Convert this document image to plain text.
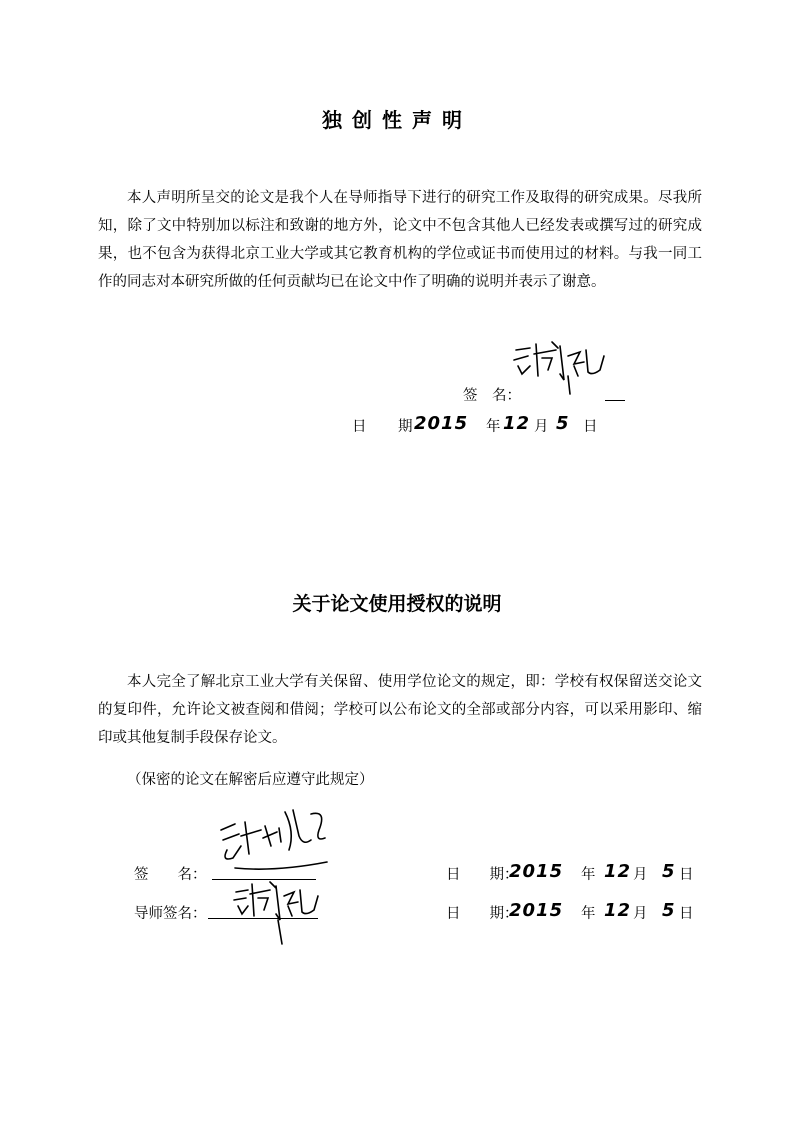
独创性声明

本人声明所呈交的论文是我个人在导师指导下进行的研究工作及取得的研究成果。尽我所知，除了文中特别加以标注和致谢的地方外，论文中不包含其他人已经发表或撰写过的研究成果，也不包含为获得北京工业大学或其它教育机构的学位或证书而使用过的材料。与我一同工作的同志对本研究所做的任何贡献均已在论文中作了明确的说明并表示了谢意。

签　名：
日 期 2015 年 12 月 5 日
关于论文使用授权的说明

本人完全了解北京工业大学有关保留、使用学位论文的规定，即：学校有权保留送交论文的复印件，允许论文被查阅和借阅；学校可以公布论文的全部或部分内容，可以采用影印、缩印或其他复制手段保存论文。

（保密的论文在解密后应遵守此规定）
签　　名：
导师签名：
日　　期：
2015 年 12 月 5 日
日　　期：
2015 年 12 月 5 日
